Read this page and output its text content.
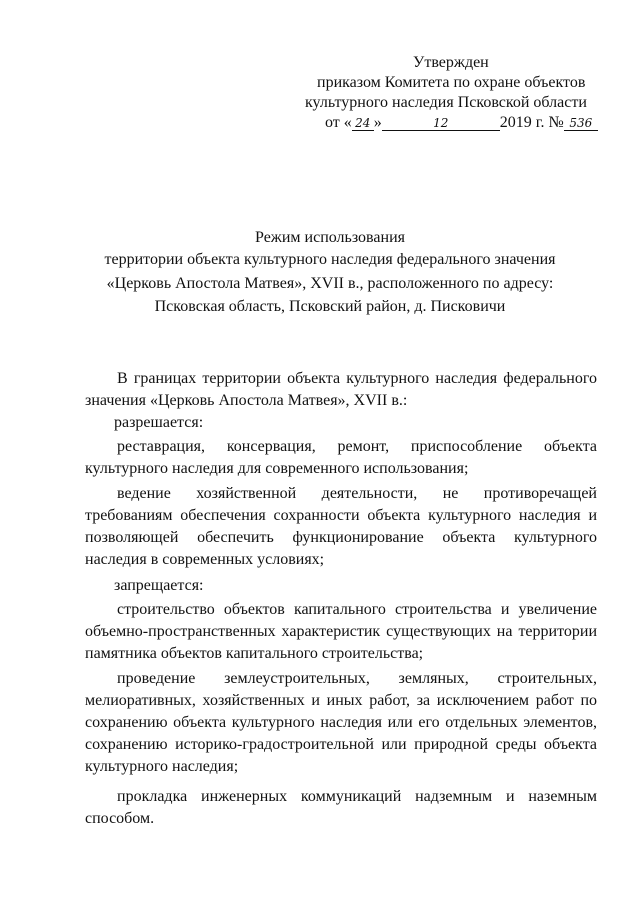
Утвержден
приказом Комитета по охране объектов
культурного наследия Псковской области
от « 24 »	12	2019 г. № 536
Режим использования
территории объекта культурного наследия федерального значения
«Церковь Апостола Матвея», XVII в., расположенного по адресу:
Псковская область, Псковский район, д. Писковичи
В границах территории объекта культурного наследия федерального значения «Церковь Апостола Матвея», XVII в.:
разрешается:
реставрация, консервация, ремонт, приспособление объекта культурного наследия для современного использования;
ведение хозяйственной деятельности, не противоречащей требованиям обеспечения сохранности объекта культурного наследия и позволяющей обеспечить функционирование объекта культурного наследия в современных условиях;
запрещается:
строительство объектов капитального строительства и увеличение объемно-пространственных характеристик существующих на территории памятника объектов капитального строительства;
проведение землеустроительных, земляных, строительных, мелиоративных, хозяйственных и иных работ, за исключением работ по сохранению объекта культурного наследия или его отдельных элементов, сохранению историко-градостроительной или природной среды объекта культурного наследия;
прокладка инженерных коммуникаций надземным и наземным способом.
